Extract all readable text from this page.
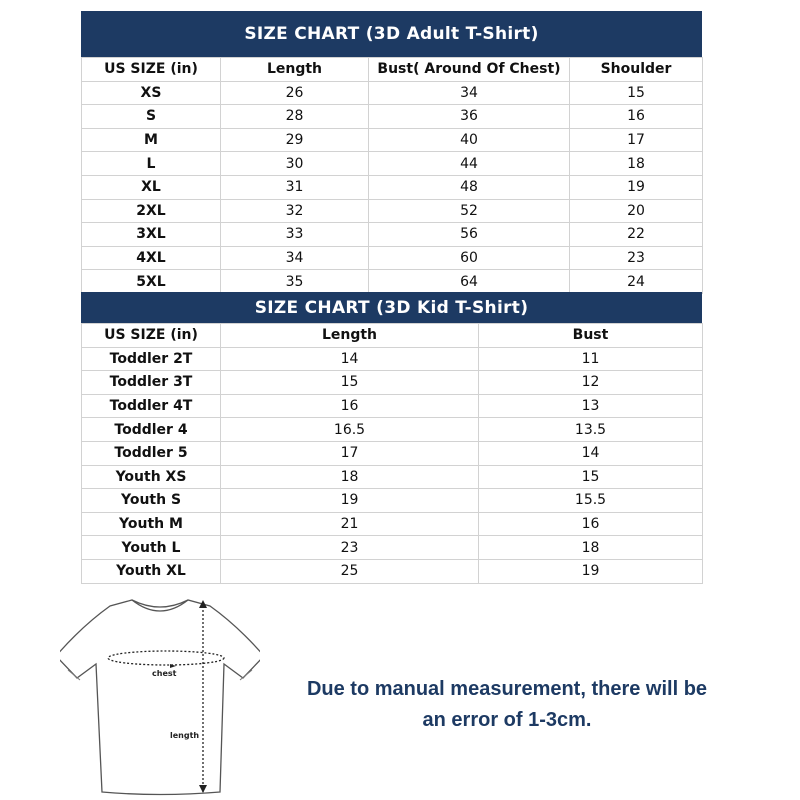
SIZE CHART (3D Adult T-Shirt)
US SIZE (in)	Length	Bust( Around Of Chest)	Shoulder
XS	26	34	15
S	28	36	16
M	29	40	17
L	30	44	18
XL	31	48	19
2XL	32	52	20
3XL	33	56	22
4XL	34	60	23
5XL	35	64	24
SIZE CHART (3D Kid T-Shirt)
US SIZE (in)	Length	Bust
Toddler 2T	14	11
Toddler 3T	15	12
Toddler 4T	16	13
Toddler 4	16.5	13.5
Toddler 5	17	14
Youth XS	18	15
Youth S	19	15.5
Youth M	21	16
Youth L	23	18
Youth XL	25	19
chest
length
Due to manual measurement, there will be
an error of 1-3cm.
